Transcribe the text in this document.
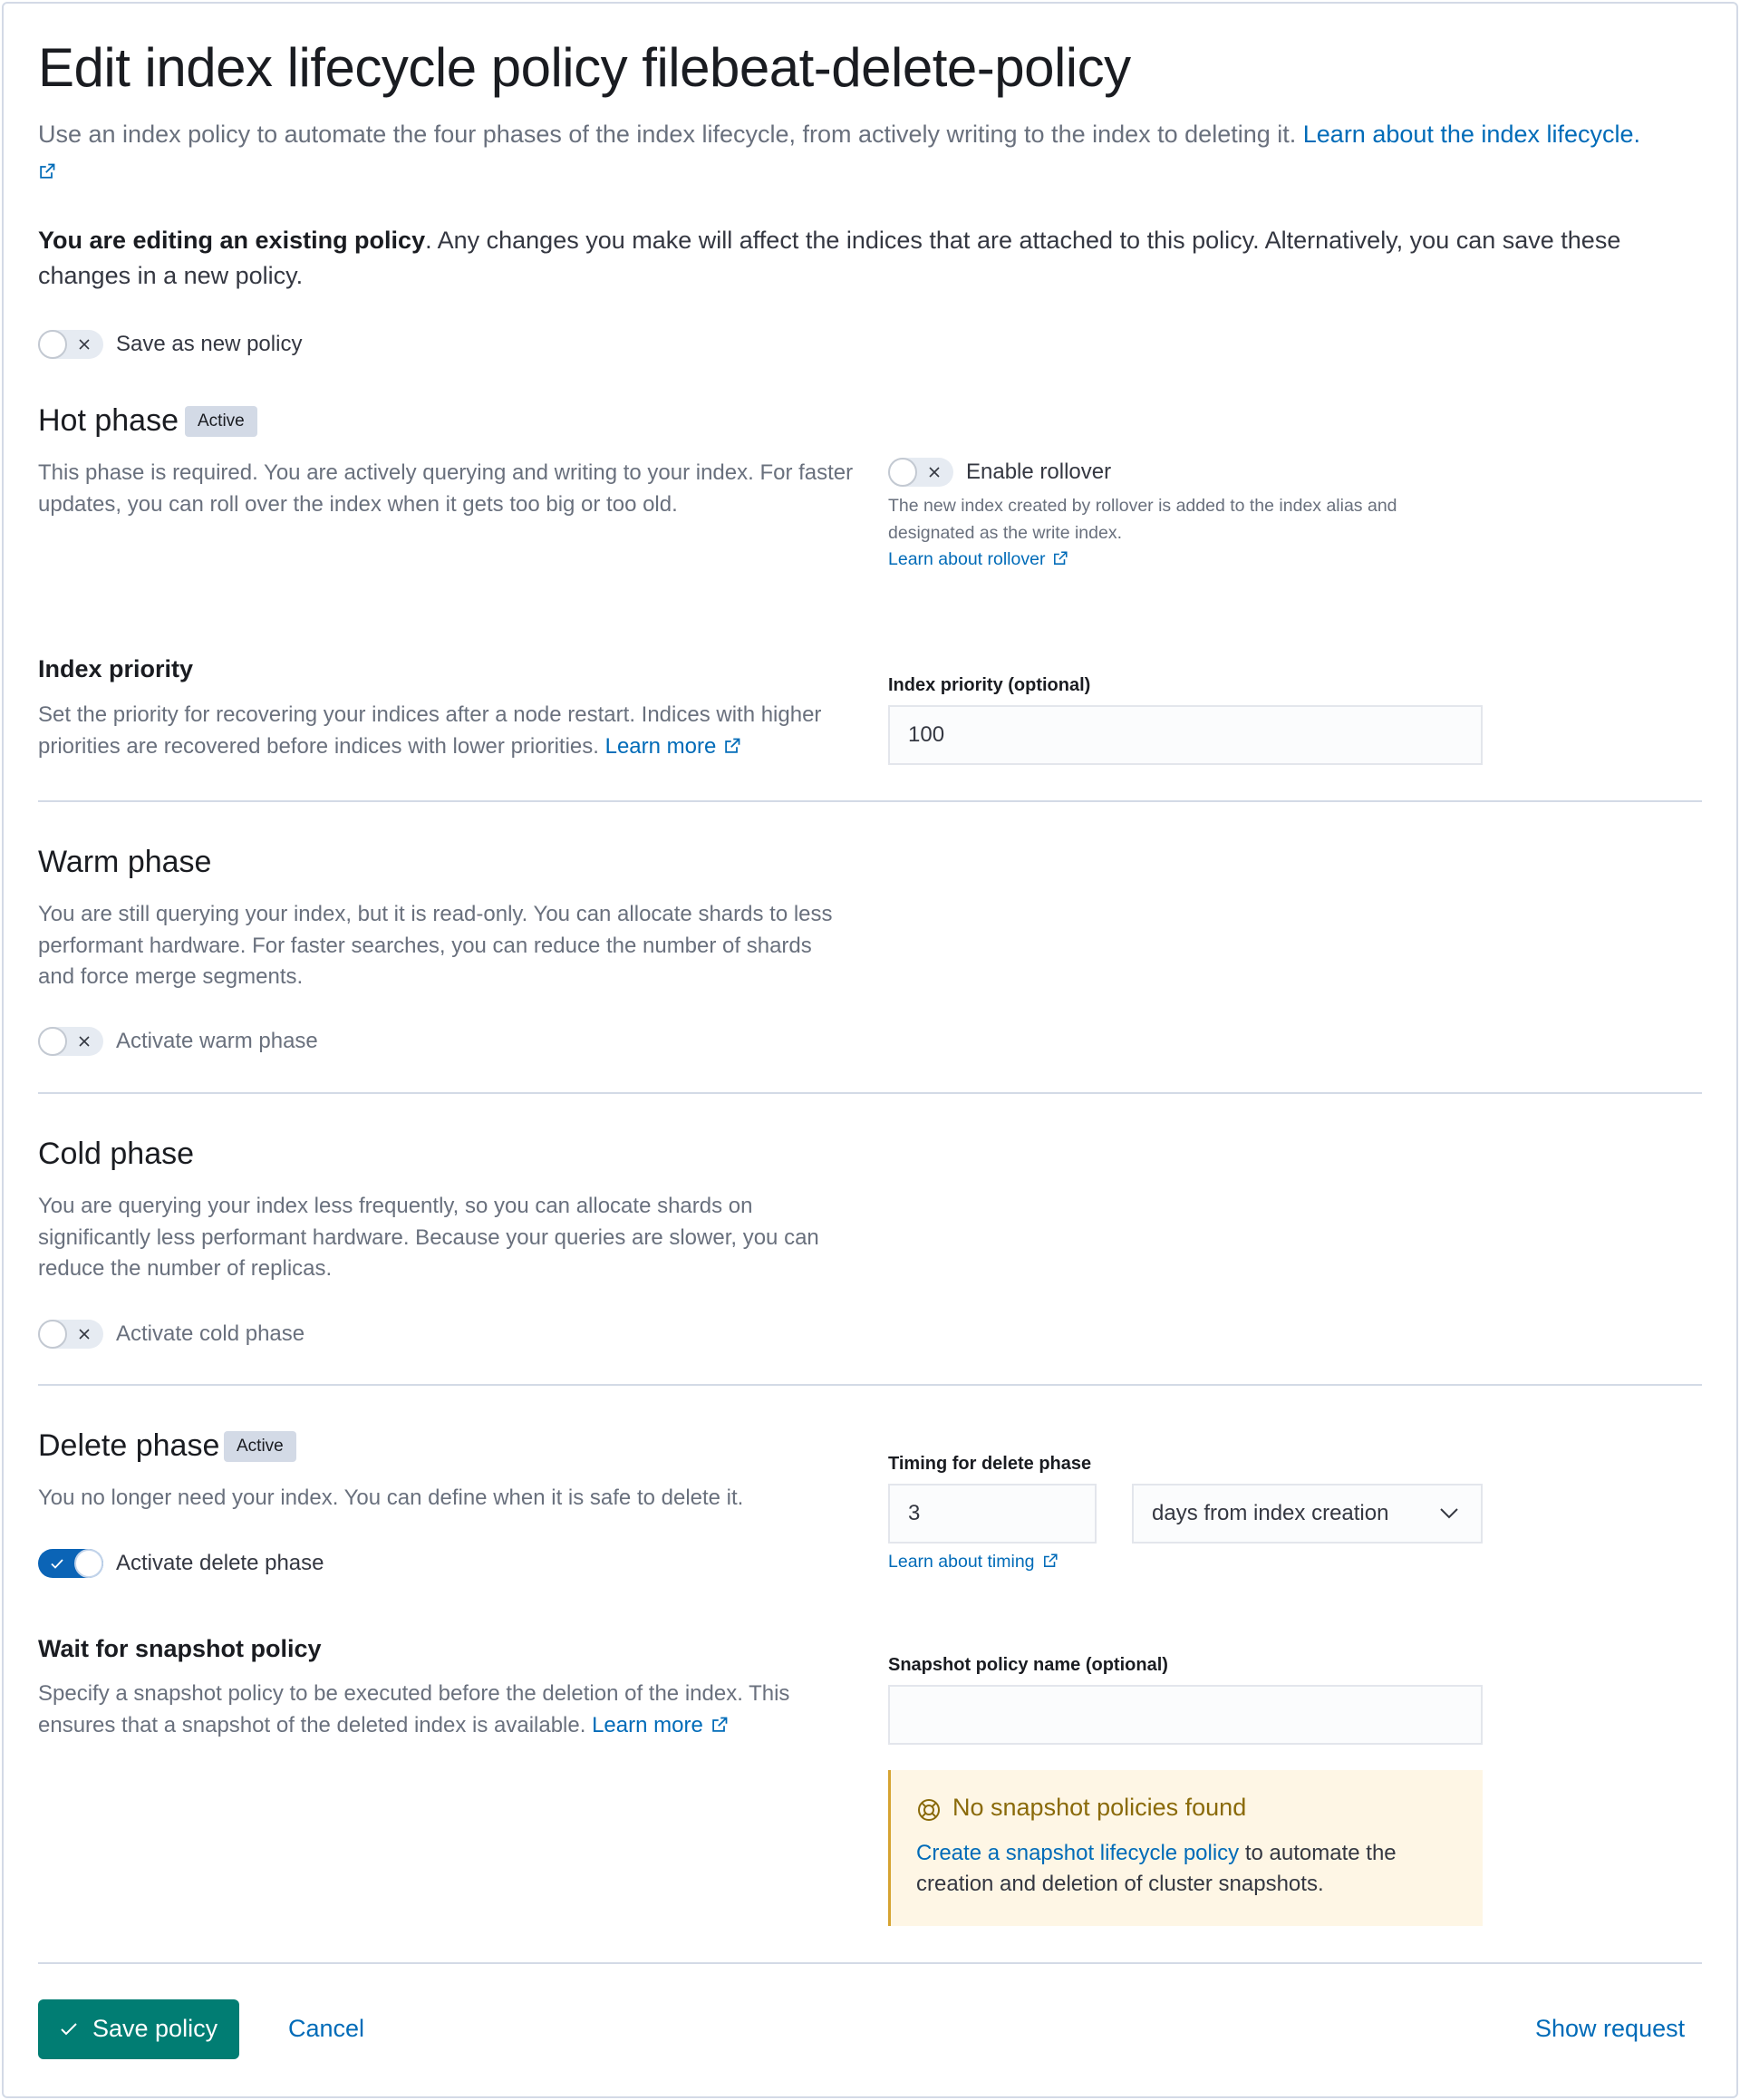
Edit index lifecycle policy filebeat-delete-policy
Use an index policy to automate the four phases of the index lifecycle, from actively writing to the index to deleting it. Learn about the index lifecycle.

You are editing an existing policy. Any changes you make will affect the indices that are attached to this policy. Alternatively, you can save these changes in a new policy.
Save as new policy
Hot phase	Active
This phase is required. You are actively querying and writing to your index. For faster updates, you can roll over the index when it gets too big or too old.
Enable rollover
The new index created by rollover is added to the index alias and designated as the write index.
Learn about rollover
Index priority
Set the priority for recovering your indices after a node restart. Indices with higher priorities are recovered before indices with lower priorities. Learn more
Index priority (optional)
100
Warm phase
You are still querying your index, but it is read-only. You can allocate shards to less performant hardware. For faster searches, you can reduce the number of shards and force merge segments.
Activate warm phase
Cold phase
You are querying your index less frequently, so you can allocate shards on significantly less performant hardware. Because your queries are slower, you can reduce the number of replicas.
Activate cold phase
Delete phase Active
You no longer need your index. You can define when it is safe to delete it.
Activate delete phase
Timing for delete phase
3	days from index creation
Learn about timing
Wait for snapshot policy
Specify a snapshot policy to be executed before the deletion of the index. This ensures that a snapshot of the deleted index is available. Learn more
Snapshot policy name (optional)
No snapshot policies found
Create a snapshot lifecycle policy to automate the creation and deletion of cluster snapshots.
Save policy	Cancel	Show request
